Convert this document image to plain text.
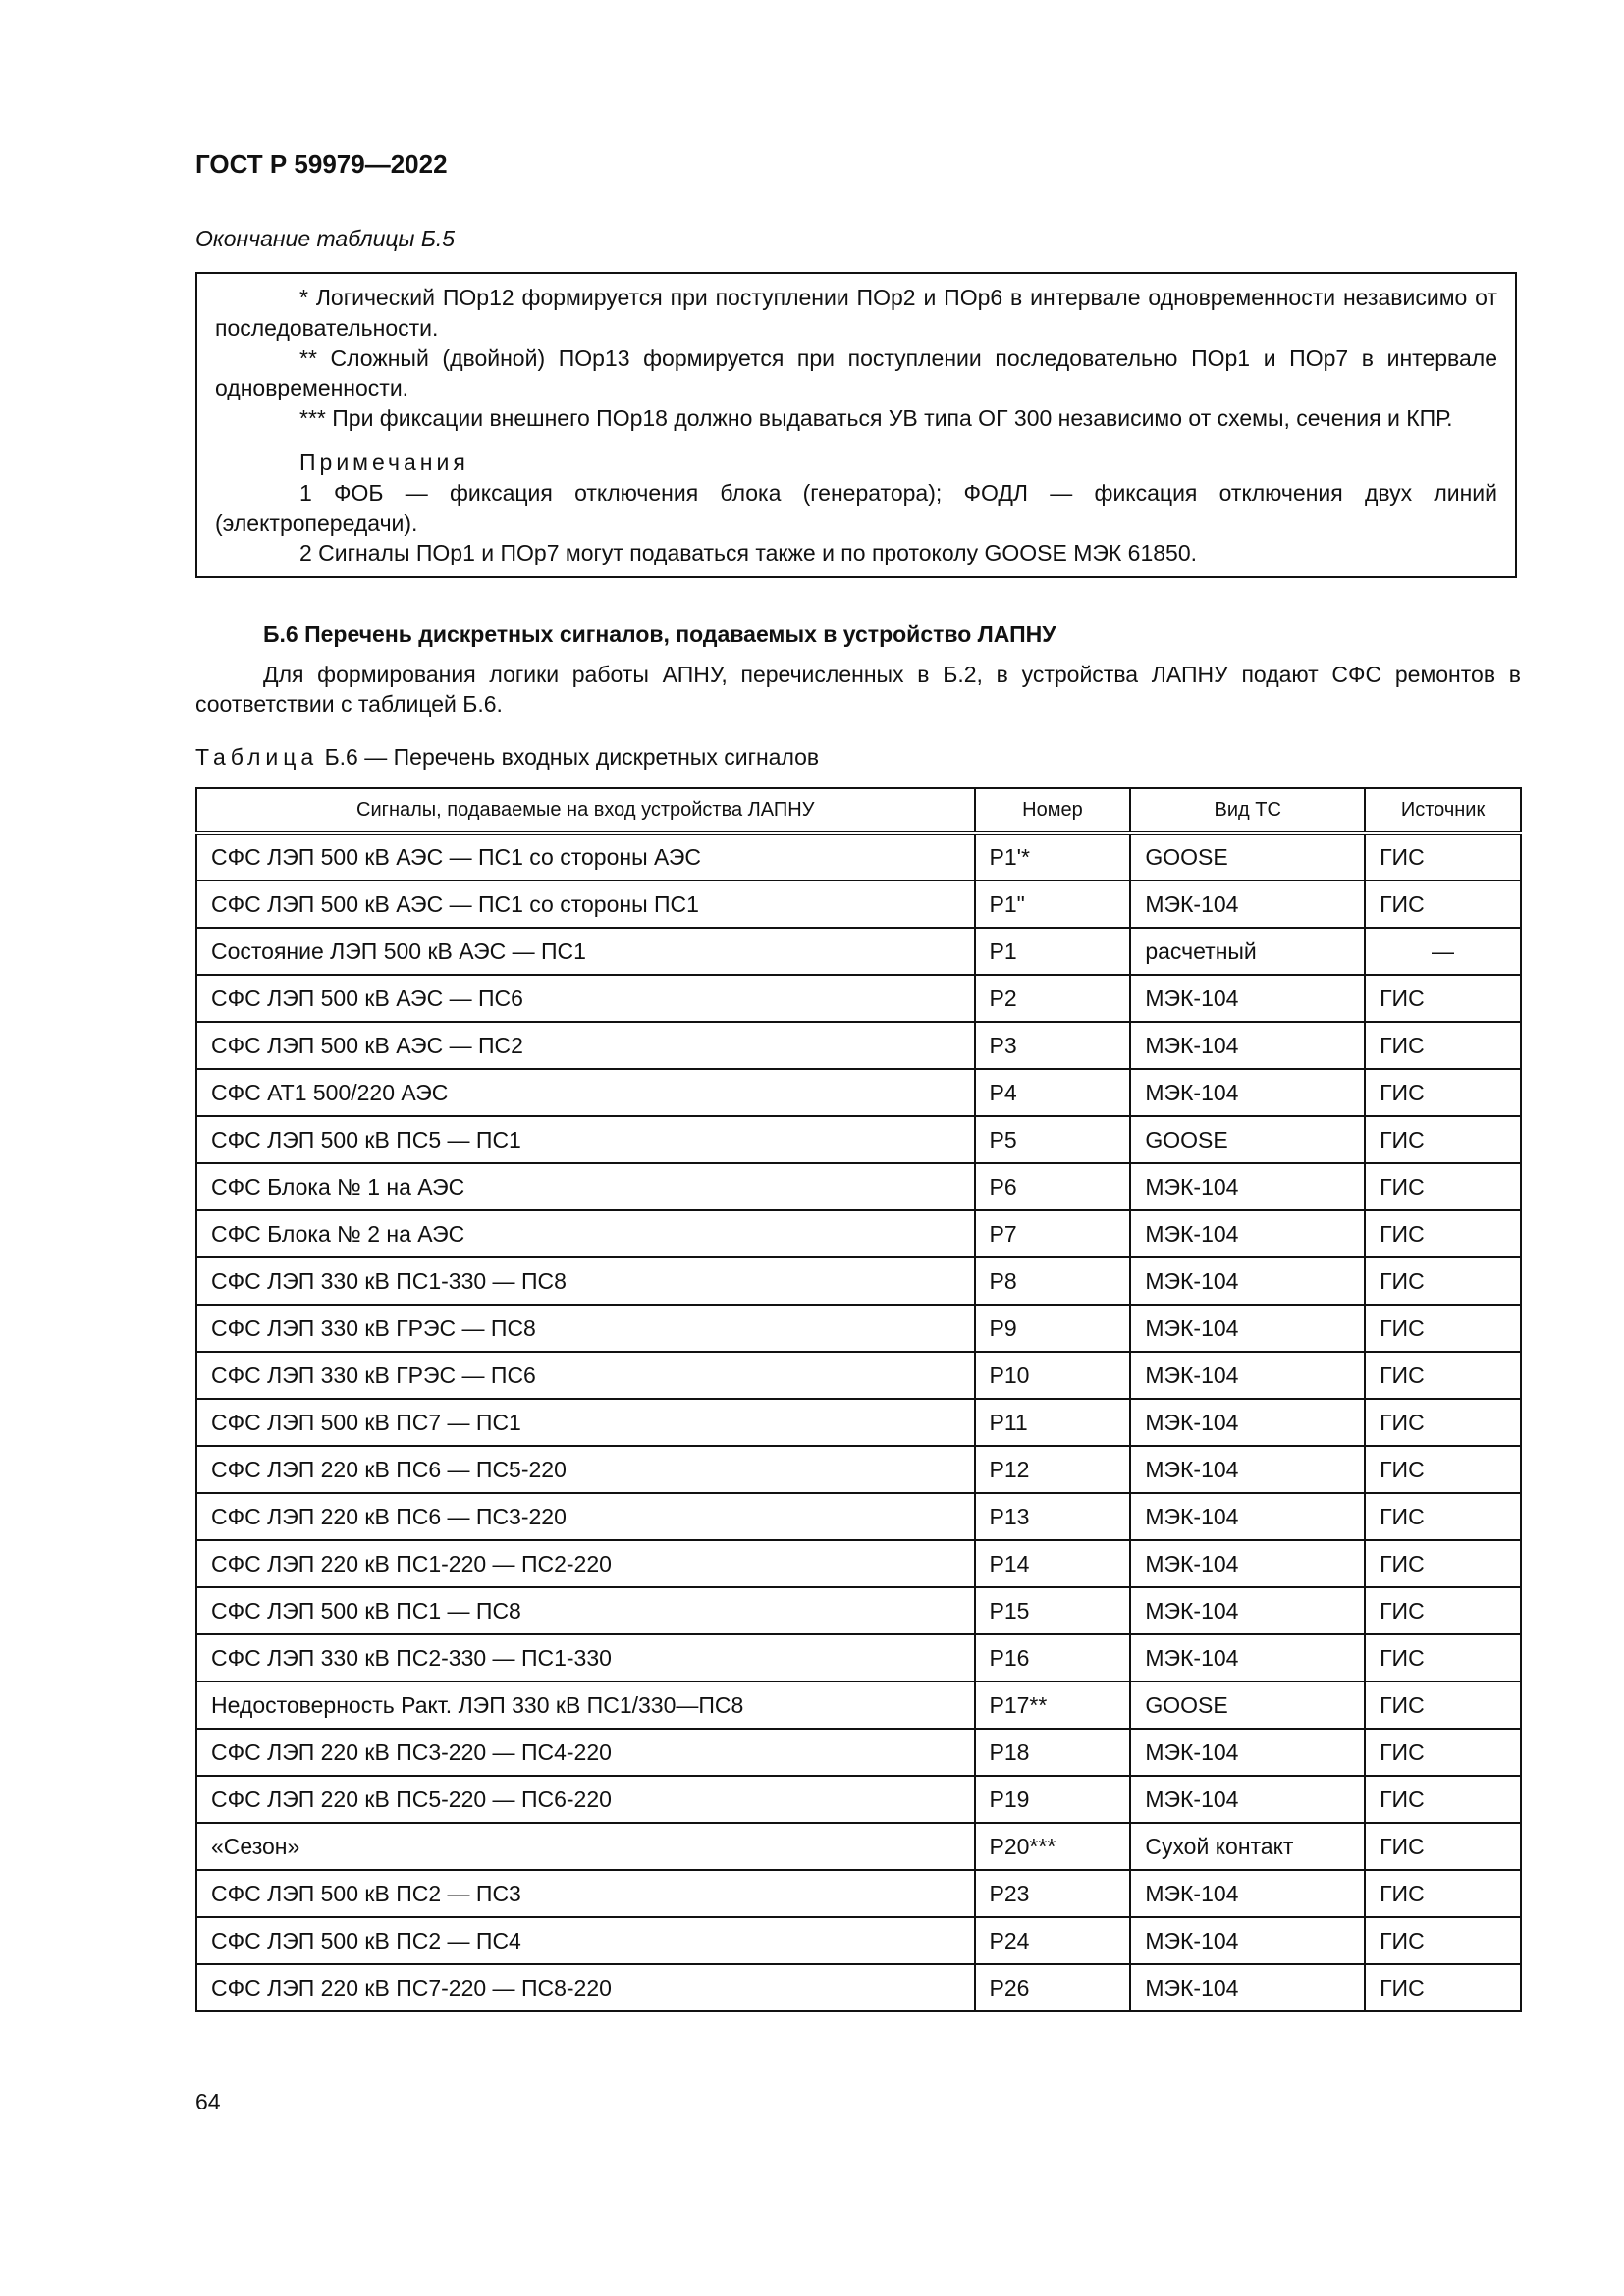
ГОСТ Р 59979—2022
Окончание таблицы Б.5

* Логический ПОр12 формируется при поступлении ПОр2 и ПОр6 в интервале одновременности независимо от последовательности.

** Сложный (двойной) ПОр13 формируется при поступлении последовательно ПОр1 и ПОр7 в интервале одновременности.

*** При фиксации внешнего ПОр18 должно выдаваться УВ типа ОГ 300 независимо от схемы, сечения и КПР.

Примечания

1 ФОБ — фиксация отключения блока (генератора); ФОДЛ — фиксация отключения двух линий (электропередачи).

2 Сигналы ПОр1 и ПОр7 могут подаваться также и по протоколу GOOSE МЭК 61850.

Б.6 Перечень дискретных сигналов, подаваемых в устройство ЛАПНУ
Для формирования логики работы АПНУ, перечисленных в Б.2, в устройства ЛАПНУ подают СФС ремонтов в соответствии с таблицей Б.6.
Таблица Б.6 — Перечень входных дискретных сигналов
Сигналы, подаваемые на вход устройства ЛАПНУ	Номер	Вид ТС	Источник
СФС ЛЭП 500 кВ АЭС — ПС1 со стороны АЭС	P1'*	GOOSE	ГИС
СФС ЛЭП 500 кВ АЭС — ПС1 со стороны ПС1	P1"	МЭК-104	ГИС
Состояние ЛЭП 500 кВ АЭС — ПС1	P1	расчетный	—
СФС ЛЭП 500 кВ АЭС — ПС6	P2	МЭК-104	ГИС
СФС ЛЭП 500 кВ АЭС — ПС2	P3	МЭК-104	ГИС
СФС АТ1 500/220 АЭС	P4	МЭК-104	ГИС
СФС ЛЭП 500 кВ ПС5 — ПС1	P5	GOOSE	ГИС
СФС Блока № 1 на АЭС	P6	МЭК-104	ГИС
СФС Блока № 2 на АЭС	P7	МЭК-104	ГИС
СФС ЛЭП 330 кВ ПС1-330 — ПС8	P8	МЭК-104	ГИС
СФС ЛЭП 330 кВ ГРЭС — ПС8	P9	МЭК-104	ГИС
СФС ЛЭП 330 кВ ГРЭС — ПС6	P10	МЭК-104	ГИС
СФС ЛЭП 500 кВ ПС7 — ПС1	P11	МЭК-104	ГИС
СФС ЛЭП 220 кВ ПС6 — ПС5-220	P12	МЭК-104	ГИС
СФС ЛЭП 220 кВ ПС6 — ПС3-220	P13	МЭК-104	ГИС
СФС ЛЭП 220 кВ ПС1-220 — ПС2-220	P14	МЭК-104	ГИС
СФС ЛЭП 500 кВ ПС1 — ПС8	P15	МЭК-104	ГИС
СФС ЛЭП 330 кВ ПС2-330 — ПС1-330	P16	МЭК-104	ГИС
Недостоверность Ракт. ЛЭП 330 кВ ПС1/330—ПС8	P17**	GOOSE	ГИС
СФС ЛЭП 220 кВ ПС3-220 — ПС4-220	P18	МЭК-104	ГИС
СФС ЛЭП 220 кВ ПС5-220 — ПС6-220	P19	МЭК-104	ГИС
«Сезон»	P20***	Сухой контакт	ГИС
СФС ЛЭП 500 кВ ПС2 — ПС3	P23	МЭК-104	ГИС
СФС ЛЭП 500 кВ ПС2 — ПС4	P24	МЭК-104	ГИС
СФС ЛЭП 220 кВ ПС7-220 — ПС8-220	P26	МЭК-104	ГИС
64
